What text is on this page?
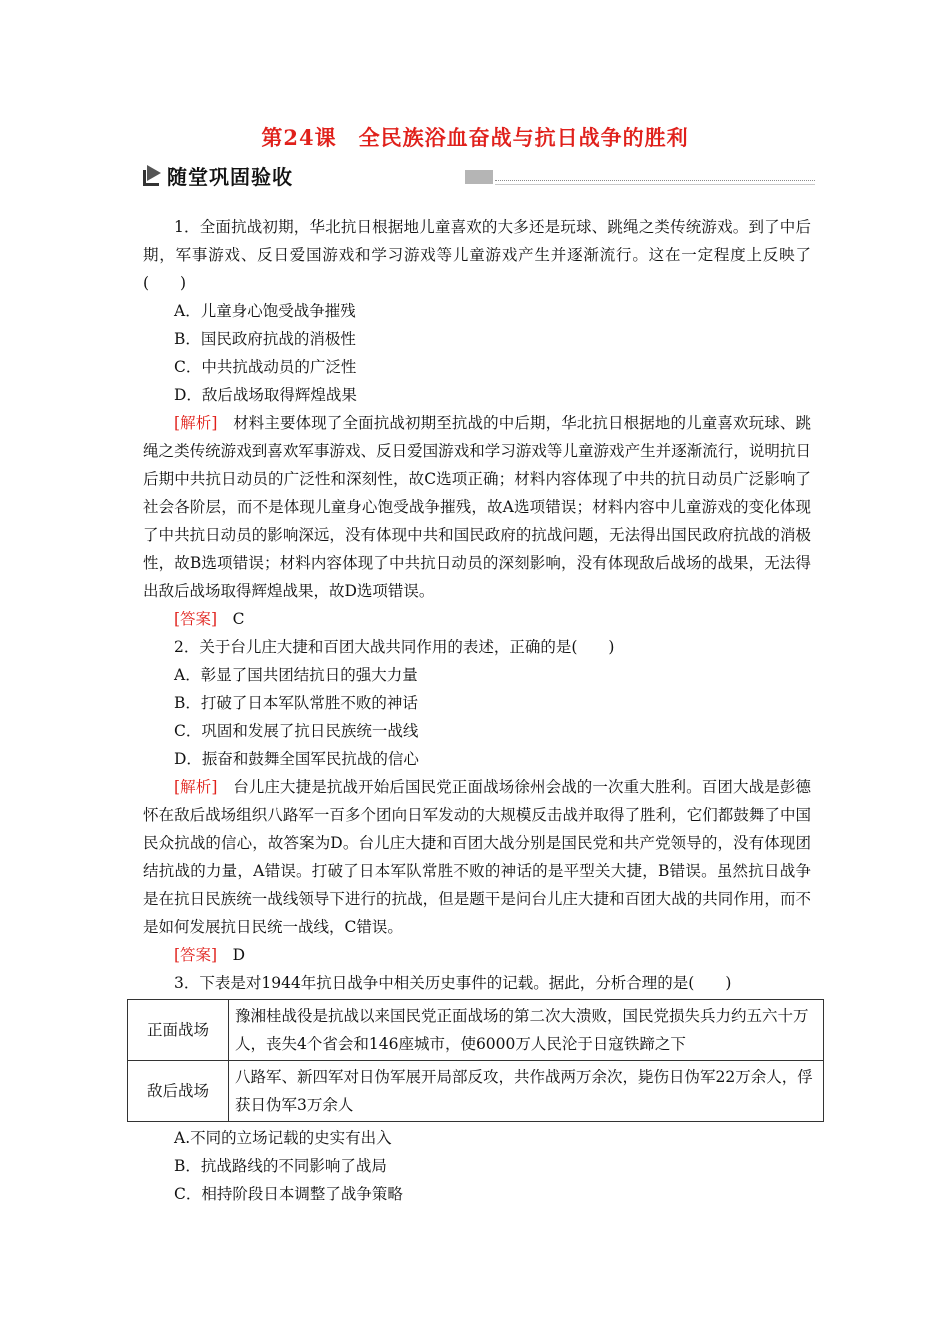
第24课　全民族浴血奋战与抗日战争的胜利
随堂巩固验收

1．全面抗战初期，华北抗日根据地儿童喜欢的大多还是玩球、跳绳之类传统游戏。到了中后期，军事游戏、反日爱国游戏和学习游戏等儿童游戏产生并逐渐流行。这在一定程度上反映了(　　)

A．儿童身心饱受战争摧残

B．国民政府抗战的消极性

C．中共抗战动员的广泛性

D．敌后战场取得辉煌战果

[解析]　材料主要体现了全面抗战初期至抗战的中后期，华北抗日根据地的儿童喜欢玩球、跳绳之类传统游戏到喜欢军事游戏、反日爱国游戏和学习游戏等儿童游戏产生并逐渐流行，说明抗日后期中共抗日动员的广泛性和深刻性，故C选项正确；材料内容体现了中共的抗日动员广泛影响了社会各阶层，而不是体现儿童身心饱受战争摧残，故A选项错误；材料内容中儿童游戏的变化体现了中共抗日动员的影响深远，没有体现中共和国民政府的抗战问题，无法得出国民政府抗战的消极性，故B选项错误；材料内容体现了中共抗日动员的深刻影响，没有体现敌后战场的战果，无法得出敌后战场取得辉煌战果，故D选项错误。

[答案]　C

2．关于台儿庄大捷和百团大战共同作用的表述，正确的是(　　)

A．彰显了国共团结抗日的强大力量

B．打破了日本军队常胜不败的神话

C．巩固和发展了抗日民族统一战线

D．振奋和鼓舞全国军民抗战的信心

[解析]　台儿庄大捷是抗战开始后国民党正面战场徐州会战的一次重大胜利。百团大战是彭德怀在敌后战场组织八路军一百多个团向日军发动的大规模反击战并取得了胜利，它们都鼓舞了中国民众抗战的信心，故答案为D。台儿庄大捷和百团大战分别是国民党和共产党领导的，没有体现团结抗战的力量，A错误。打破了日本军队常胜不败的神话的是平型关大捷，B错误。虽然抗日战争是在抗日民族统一战线领导下进行的抗战，但是题干是问台儿庄大捷和百团大战的共同作用，而不是如何发展抗日民统一战线，C错误。

[答案]　D

3．下表是对1944年抗日战争中相关历史事件的记载。据此，分析合理的是(　　)

正面战场	豫湘桂战役是抗战以来国民党正面战场的第二次大溃败，国民党损失兵力约五六十万人，丧失4个省会和146座城市，使6000万人民沦于日寇铁蹄之下
敌后战场	八路军、新四军对日伪军展开局部反攻，共作战两万余次，毙伤日伪军22万余人，俘获日伪军3万余人

A.不同的立场记载的史实有出入

B．抗战路线的不同影响了战局

C．相持阶段日本调整了战争策略
